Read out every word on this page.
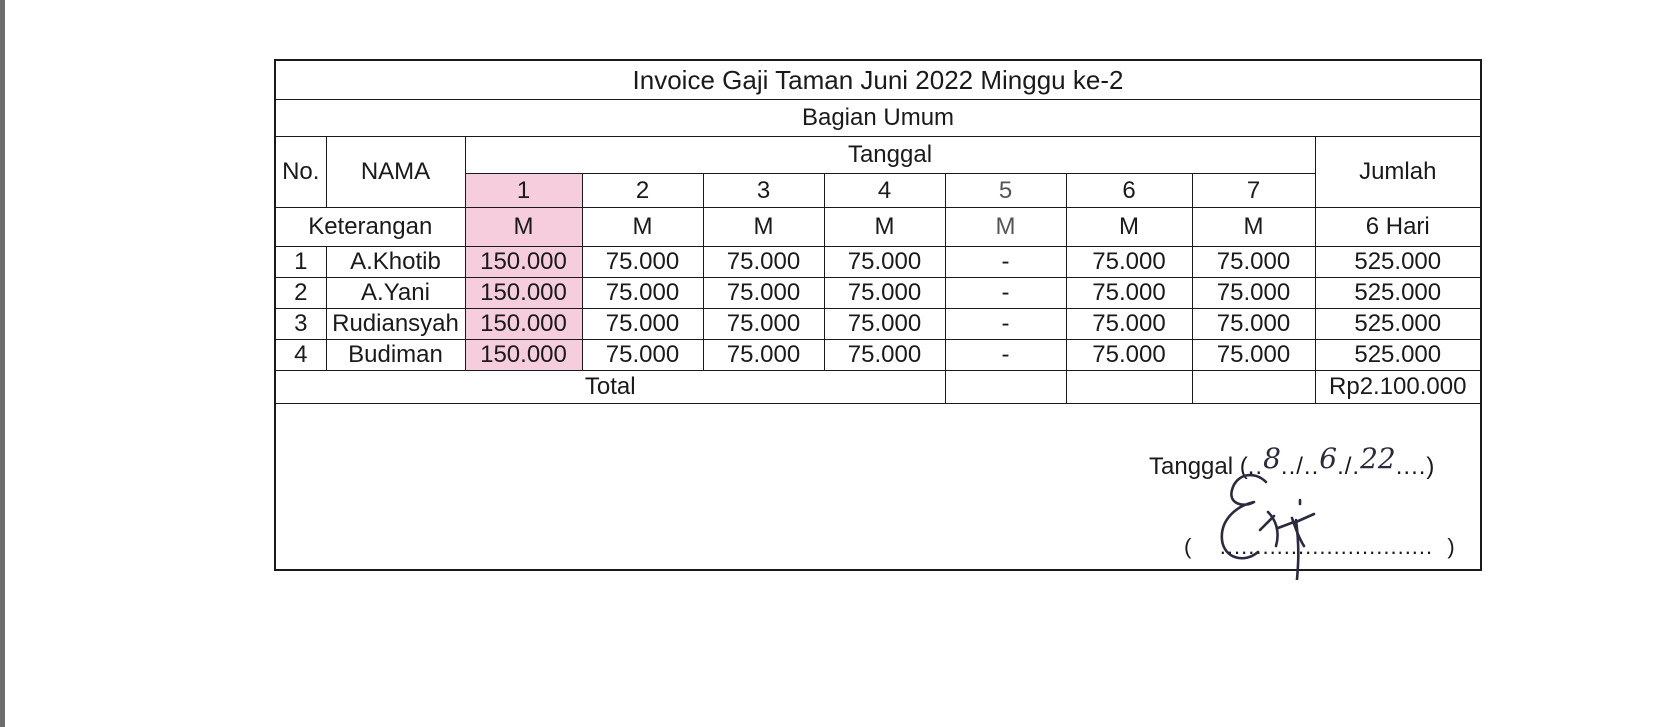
Invoice Gaji Taman Juni 2022 Minggu ke-2									
Bagian Umum									
No.	NAMA	Tanggal							Jumlah
		1	2	3	4	5	6	7	
Keterangan		M	M	M	M	M	M	M	6 Hari
1	A.Khotib	150.000	75.000	75.000	75.000	-	75.000	75.000	525.000
2	A.Yani	150.000	75.000	75.000	75.000	-	75.000	75.000	525.000
3	Rudiansyah	150.000	75.000	75.000	75.000	-	75.000	75.000	525.000
4	Budiman	150.000	75.000	75.000	75.000	-	75.000	75.000	525.000
Total									Rp2.100.000
Tanggal (..8../..6./.22....)
(    ..............................  )
